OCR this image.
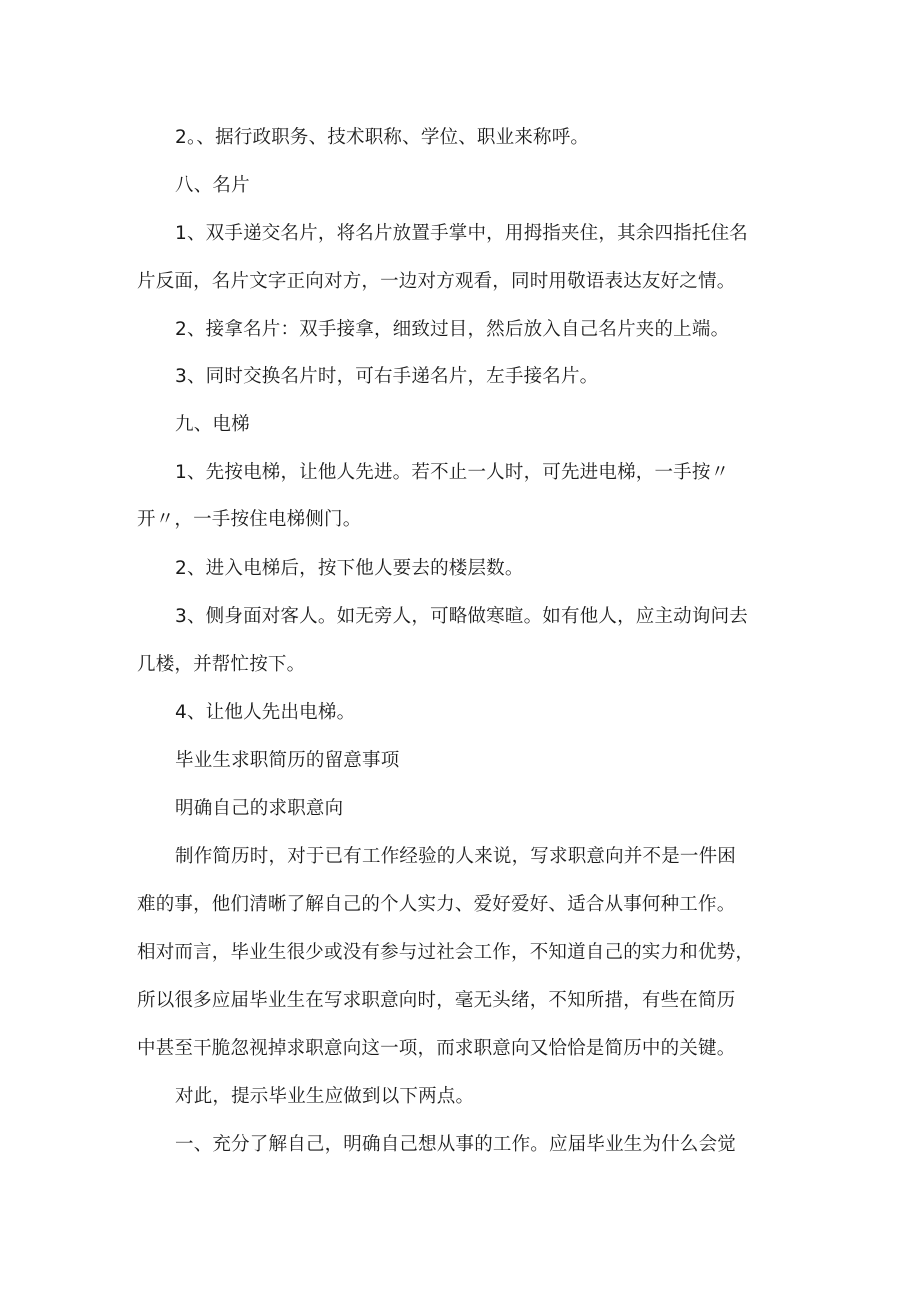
2。、据行政职务、技术职称、学位、职业来称呼。
八、名片
1、双手递交名片，将名片放置手掌中，用拇指夹住，其余四指托住名
片反面，名片文字正向对方，一边对方观看，同时用敬语表达友好之情。
2、接拿名片：双手接拿，细致过目，然后放入自己名片夹的上端。
3、同时交换名片时，可右手递名片，左手接名片。
九、电梯
1、先按电梯，让他人先进。若不止一人时，可先进电梯，一手按〃
开〃，一手按住电梯侧门。
2、进入电梯后，按下他人要去的楼层数。
3、侧身面对客人。如无旁人，可略做寒暄。如有他人，应主动询问去
几楼，并帮忙按下。
4、让他人先出电梯。
毕业生求职简历的留意事项
明确自己的求职意向
制作简历时，对于已有工作经验的人来说，写求职意向并不是一件困
难的事，他们清晰了解自己的个人实力、爱好爱好、适合从事何种工作。
相对而言，毕业生很少或没有参与过社会工作，不知道自己的实力和优势，
所以很多应届毕业生在写求职意向时，毫无头绪，不知所措，有些在简历
中甚至干脆忽视掉求职意向这一项，而求职意向又恰恰是简历中的关键。
对此，提示毕业生应做到以下两点。
一、充分了解自己，明确自己想从事的工作。应届毕业生为什么会觉
